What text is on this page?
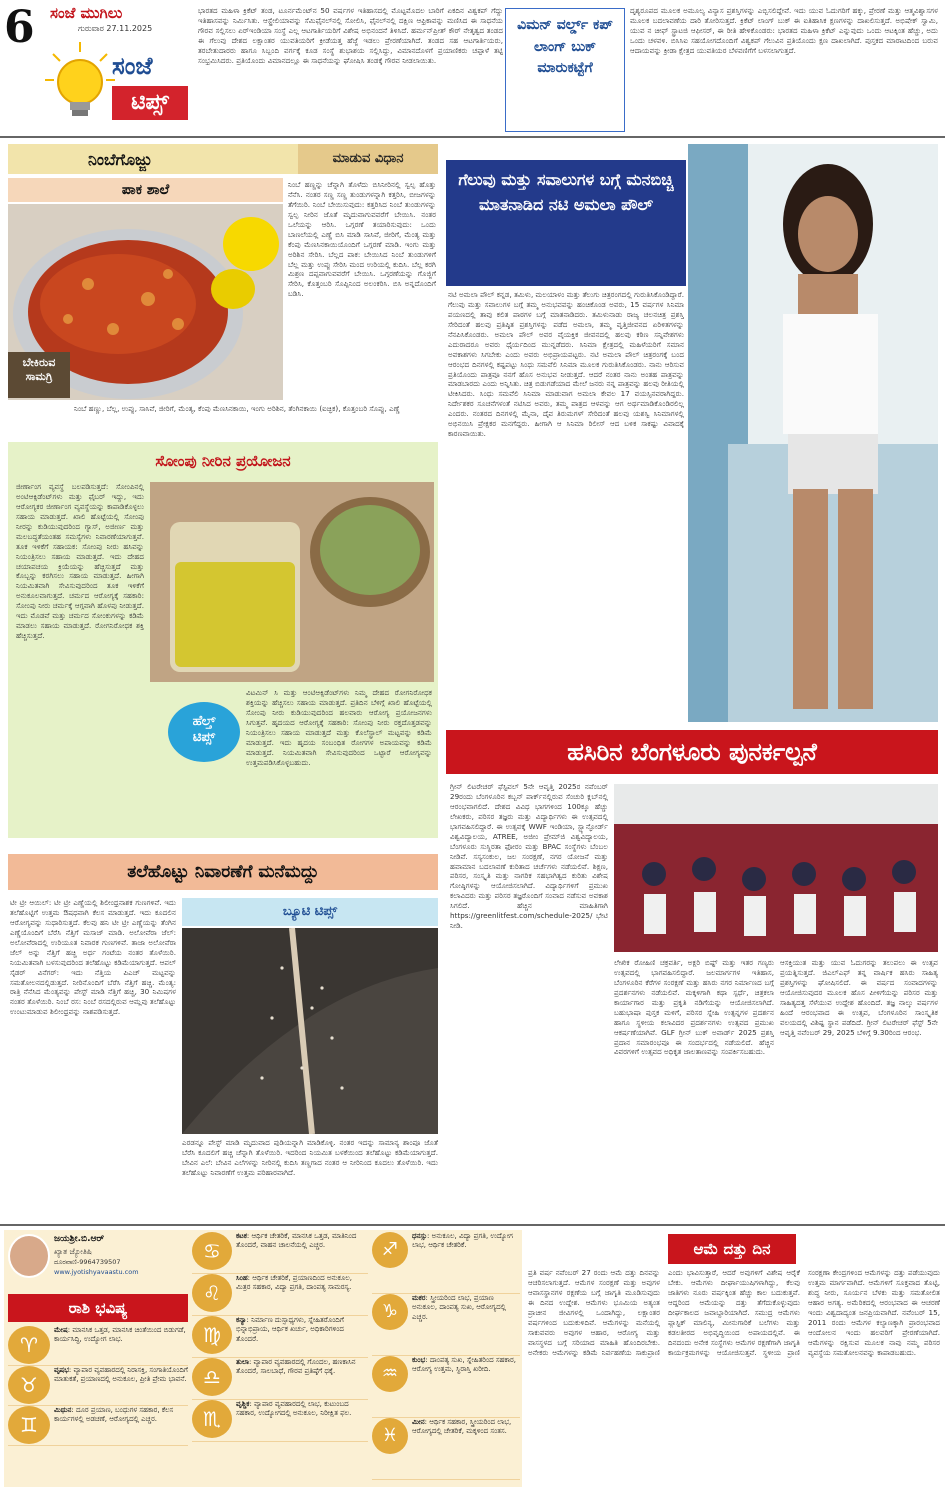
6 ಸಂಜೆ ಮುಗಿಲು
ಗುರುವಾರ 27.11.2025
ಸಂಜೆ
ಟಿಪ್ಸ್
ಭಾರತದ ಮಹಿಳಾ ಕ್ರಿಕೆಟ್ ತಂಡ, ಟೂರ್ನಮೆಂಟ್‌ನ 50 ವರ್ಷಗಳ ಇತಿಹಾಸದಲ್ಲಿ ಮೊಟ್ಟಮೊದಲ ಬಾರಿಗೆ ಏಕದಿನ ವಿಶ್ವಕಪ್ ಗೆದ್ದು ಇತಿಹಾಸವನ್ನು ನಿರ್ಮಿಸಿತು. ಆಸ್ಟ್ರೇಲಿಯಾವನ್ನು ಸೆಮಿಫೈನಲ್‌ನಲ್ಲಿ ಸೋಲಿಸಿ, ಫೈನಲ್‌ನಲ್ಲಿ ದಕ್ಷಿಣ ಆಫ್ರಿಕಾವನ್ನು ಮಣಿಸಿದ ಈ ಸಾಧನೆಯ ಗೌರವ ಸಲ್ಲಿಸಲು ಏರ್‌ಇಂಡಿಯಾ ಸಂಸ್ಥೆ ಎಲ್ಲ ಆಟಗಾರ್ತಿಯರಿಗೆ ವಿಶೇಷ ಅಭಿನಂದನೆ ತಿಳಿಸಿದೆ. ಹರ್ಮನ್‌ಪ್ರೀತ್ ಕೌರ್ ನೇತೃತ್ವದ ತಂಡದ ಈ ಗೆಲುವು ದೇಶದ ಲಕ್ಷಾಂತರ ಯುವತಿಯರಿಗೆ ಕ್ರೀಡೆಯತ್ತ ಹೆಜ್ಜೆ ಇಡಲು ಪ್ರೇರಣೆಯಾಗಿದೆ. ತಂಡದ ಸಹ ಆಟಗಾರ್ತಿಯರು, ತರಬೇತುದಾರರು ಹಾಗೂ ಸಿಬ್ಬಂದಿ ವರ್ಗಕ್ಕೆ ಕೂಡ ಸಂಸ್ಥೆ ಶುಭಾಶಯ ಸಲ್ಲಿಸಿದ್ದು, ವಿಮಾನದೊಳಗೆ ಪ್ರಯಾಣಿಕರು ಚಪ್ಪಾಳೆ ತಟ್ಟಿ ಸಂಭ್ರಮಿಸಿದರು. ಪ್ರತಿಯೊಂದು ವಿಮಾನದಲ್ಲೂ ಈ ಸಾಧನೆಯನ್ನು ಘೋಷಿಸಿ ತಂಡಕ್ಕೆ ಗೌರವ ನೀಡಲಾಯಿತು.
ವಿಮನ್ ವರ್ಲ್ಡ್ ಕಪ್ ಲಾಂಗ್ ಬುಕ್ ಮಾರುಕಟ್ಟೆಗೆ
ದೃಶ್ಯರೂಪದ ಮೂಲಕ ಅಮೂಲ್ಯ ವಿನ್ಯಾಸ ಪ್ರಶಸ್ತಿಗಳನ್ನು ಎಬ್ಬಿಸಲಿದ್ದೇವೆ. ಇದು ಯುವ ಓದುಗರಿಗೆ ಹಕ್ಕು, ಪ್ರೇರಣೆ ಮತ್ತು ಆತ್ಮವಿಶ್ವಾಸಗಳ ಮೂಲಕ ಬದಲಾವಣೆಯ ದಾರಿ ತೋರಿಸುತ್ತದೆ. ಕ್ರಿಕೆಟ್ ಲಾಂಗ್ ಬುಕ್ ಈ ಐತಿಹಾಸಿಕ ಕ್ಷಣಗಳನ್ನು ದಾಖಲಿಸುತ್ತದೆ. ಅಭಿಷೇಕ್ ಸ್ವಾಮಿ, ಯುವ ನ ಚೀಫ್ ಸ್ಟ್ರಾಟಜಿ ಆಫೀಸರ್, ಈ ರೀತಿ ಹೇಳಿಕೊಂಡರು: ಭಾರತದ ಮಹಿಳಾ ಕ್ರಿಕೆಟ್ ಎನ್ನುವುದು ಒಂದು ಆಟಕ್ಕಿಂತ ಹೆಚ್ಚು, ಅದು ಒಂದು ಚಳವಳಿ. ಬಿಸಿಸಿಐ ಸಹಯೋಗದೊಂದಿಗೆ ವಿಶ್ವಕಪ್ ಗೆಲುವಿನ ಪ್ರತಿಯೊಂದು ಕ್ಷಣ ದಾಖಲಾಗಿದೆ. ಪುಸ್ತಕದ ಮಾರಾಟದಿಂದ ಬರುವ ಆದಾಯವನ್ನು ಕ್ರೀಡಾ ಕ್ಷೇತ್ರದ ಯುವತಿಯರ ಬೆಳವಣಿಗೆಗೆ ಬಳಸಲಾಗುತ್ತದೆ.
ನಿಂಬೆಗೊಜ್ಜು	ಮಾಡುವ ವಿಧಾನ
ಪಾಕ ಶಾಲೆ
ಬೇಕಿರುವ
ಸಾಮಗ್ರಿ
ನಿಂಬೆ ಹಣ್ಣನ್ನು ಚೆನ್ನಾಗಿ ತೊಳೆದು ಬಿಸಿನೀರಿನಲ್ಲಿ ಸ್ವಲ್ಪ ಹೊತ್ತು ನೆನೆಸಿ. ನಂತರ ಸಣ್ಣ ಸಣ್ಣ ತುಂಡುಗಳನ್ನಾಗಿ ಕತ್ತರಿಸಿ, ಬೀಜಗಳನ್ನು ತೆಗೆಯಿರಿ. ನಿಂಬೆ ಬೇಯಿಸುವುದು: ಕತ್ತರಿಸಿದ ನಿಂಬೆ ತುಂಡುಗಳನ್ನು ಸ್ವಲ್ಪ ನೀರಿನ ಜೊತೆ ಮೃದುವಾಗುವವರೆಗೆ ಬೇಯಿಸಿ. ನಂತರ ಒಲೆಯನ್ನು ಆರಿಸಿ. ಒಗ್ಗರಣೆ ತಯಾರಿಸುವುದು: ಒಂದು ಬಾಣಲೆಯಲ್ಲಿ ಎಣ್ಣೆ ಬಿಸಿ ಮಾಡಿ ಸಾಸಿವೆ, ಜೀರಿಗೆ, ಮೆಂತ್ಯ ಮತ್ತು ಕೆಂಪು ಮೆಣಸಿನಕಾಯಿಯೊಂದಿಗೆ ಒಗ್ಗರಣೆ ಮಾಡಿ. ಇಂಗು ಮತ್ತು ಅರಿಶಿನ ಸೇರಿಸಿ. ಬೆಲ್ಲದ ಪಾಕ: ಬೇಯಿಸಿದ ನಿಂಬೆ ತುಂಡುಗಳಿಗೆ ಬೆಲ್ಲ ಮತ್ತು ಉಪ್ಪು ಸೇರಿಸಿ ಮಂದ ಉರಿಯಲ್ಲಿ ಕುದಿಸಿ. ಬೆಲ್ಲ ಕರಗಿ ಮಿಶ್ರಣ ದಪ್ಪವಾಗುವವರೆಗೆ ಬೇಯಿಸಿ. ಒಗ್ಗರಣೆಯನ್ನು ಗೊಜ್ಜಿಗೆ ಸೇರಿಸಿ, ಕೊತ್ತಂಬರಿ ಸೊಪ್ಪಿನಿಂದ ಅಲಂಕರಿಸಿ. ಬಿಸಿ ಅನ್ನದೊಂದಿಗೆ ಬಡಿಸಿ.
ನಿಂಬೆ ಹಣ್ಣು, ಬೆಲ್ಲ, ಉಪ್ಪು, ಸಾಸಿವೆ, ಜೀರಿಗೆ, ಮೆಂತ್ಯ, ಕೆಂಪು ಮೆಣಸಿನಕಾಯಿ, ಇಂಗು ಅರಿಶಿನ, ತೆಂಗಿನಕಾಯಿ (ಐಚ್ಛಿಕ), ಕೊತ್ತಂಬರಿ ಸೊಪ್ಪು, ಎಣ್ಣೆ
ಸೋಂಪು ನೀರಿನ ಪ್ರಯೋಜನ
ಜೀರ್ಣಾಂಗ ವ್ಯವಸ್ಥೆ ಬಲಪಡಿಸುತ್ತದೆ: ಸೋಂಪಿನಲ್ಲಿ ಅಂಟಿಆಕ್ಸಿಡೆಂಟ್‌ಗಳು ಮತ್ತು ಫೈಬರ್ ಇದ್ದು, ಇದು ಆರೋಗ್ಯಕರ ಜೀರ್ಣಾಂಗ ವ್ಯವಸ್ಥೆಯನ್ನು ಕಾಪಾಡಿಕೊಳ್ಳಲು ಸಹಾಯ ಮಾಡುತ್ತದೆ. ಖಾಲಿ ಹೊಟ್ಟೆಯಲ್ಲಿ ಸೋಂಪು ನೀರನ್ನು ಕುಡಿಯುವುದರಿಂದ ಗ್ಯಾಸ್, ಅಜೀರ್ಣ ಮತ್ತು ಮಲಬದ್ಧತೆಯಂತಹ ಸಮಸ್ಯೆಗಳು ನಿವಾರಣೆಯಾಗುತ್ತವೆ. ತೂಕ ಇಳಿಕೆಗೆ ಸಹಾಯಕ: ಸೋಂಪು ನೀರು ಹಸಿವನ್ನು ನಿಯಂತ್ರಿಸಲು ಸಹಾಯ ಮಾಡುತ್ತದೆ. ಇದು ದೇಹದ ಚಯಾಪಚಯ ಕ್ರಿಯೆಯನ್ನು ಹೆಚ್ಚಿಸುತ್ತದೆ ಮತ್ತು ಕೊಬ್ಬನ್ನು ಕರಗಿಸಲು ಸಹಾಯ ಮಾಡುತ್ತದೆ. ಹೀಗಾಗಿ ನಿಯಮಿತವಾಗಿ ಸೇವಿಸುವುದರಿಂದ ತೂಕ ಇಳಿಕೆಗೆ ಅನುಕೂಲವಾಗುತ್ತದೆ. ಚರ್ಮದ ಆರೋಗ್ಯಕ್ಕೆ ಸಹಕಾರಿ: ಸೋಂಪು ನೀರು ಚರ್ಮಕ್ಕೆ ಆಗ್ಗವಾಗಿ ಹೊಳಪು ನೀಡುತ್ತದೆ. ಇದು ಮೊಡವೆ ಮತ್ತು ಚರ್ಮದ ಸೋಂಕುಗಳನ್ನು ಕಡಿಮೆ ಮಾಡಲು ಸಹಾಯ ಮಾಡುತ್ತದೆ. ರೋಗನಿರೋಧಕ ಶಕ್ತಿ ಹೆಚ್ಚಿಸುತ್ತದೆ.
ಹೆಲ್ತ್
ಟಿಪ್ಸ್
ವಿಟಮಿನ್ ಸಿ ಮತ್ತು ಆಂಟಿಆಕ್ಸಿಡೆಂಟ್‌ಗಳು ನಿಮ್ಮ ದೇಹದ ರೋಗನಿರೋಧಕ ಶಕ್ತಿಯನ್ನು ಹೆಚ್ಚಿಸಲು ಸಹಾಯ ಮಾಡುತ್ತದೆ. ಪ್ರತಿದಿನ ಬೆಳಿಗ್ಗೆ ಖಾಲಿ ಹೊಟ್ಟೆಯಲ್ಲಿ ಸೋಂಪು ನೀರು ಕುಡಿಯುವುದರಿಂದ ಹಲವಾರು ಆರೋಗ್ಯ ಪ್ರಯೋಜನಗಳು ಸಿಗುತ್ತವೆ. ಹೃದಯದ ಆರೋಗ್ಯಕ್ಕೆ ಸಹಕಾರಿ: ಸೋಂಪು ನೀರು ರಕ್ತದೊತ್ತಡವನ್ನು ನಿಯಂತ್ರಿಸಲು ಸಹಾಯ ಮಾಡುತ್ತದೆ ಮತ್ತು ಕೊಲೆಸ್ಟ್ರಾಲ್ ಮಟ್ಟವನ್ನು ಕಡಿಮೆ ಮಾಡುತ್ತದೆ. ಇದು ಹೃದಯ ಸಂಬಂಧಿತ ರೋಗಗಳ ಅಪಾಯವನ್ನು ಕಡಿಮೆ ಮಾಡುತ್ತದೆ. ನಿಯಮಿತವಾಗಿ ಸೇವಿಸುವುದರಿಂದ ಒಟ್ಟಾರೆ ಆರೋಗ್ಯವನ್ನು ಉತ್ತಮಪಡಿಸಿಕೊಳ್ಳಬಹುದು.
ತಲೆಹೊಟ್ಟು ನಿವಾರಣೆಗೆ ಮನೆಮದ್ದು
ಟೀ ಟ್ರೀ ಆಯಿಲ್: ಟೀ ಟ್ರೀ ಎಣ್ಣೆಯಲ್ಲಿ ಶಿಲೀಂಧ್ರನಾಶಕ ಗುಣಗಳಿವೆ. ಇದು ತಲೆಹೊಟ್ಟಿಗೆ ಉತ್ತಮ ಔಷಧವಾಗಿ ಕೆಲಸ ಮಾಡುತ್ತದೆ. ಇದು ಕೂದಲಿನ ಆರೋಗ್ಯವನ್ನು ಸುಧಾರಿಸುತ್ತದೆ. ಕೆಲವು ಹನಿ ಟೀ ಟ್ರೀ ಎಣ್ಣೆಯನ್ನು ತೆಂಗಿನ ಎಣ್ಣೆಯೊಂದಿಗೆ ಬೆರೆಸಿ ನೆತ್ತಿಗೆ ಮಸಾಜ್ ಮಾಡಿ. ಅಲೋವೆರಾ ಜೆಲ್: ಅಲೋವೆರಾದಲ್ಲಿ ಉರಿಯೂತ ನಿವಾರಕ ಗುಣಗಳಿವೆ. ತಾಜಾ ಅಲೋವೆರಾ ಜೆಲ್ ಅನ್ನು ನೆತ್ತಿಗೆ ಹಚ್ಚಿ ಅರ್ಧ ಗಂಟೆಯ ನಂತರ ತೊಳೆಯಿರಿ. ನಿಯಮಿತವಾಗಿ ಬಳಸುವುದರಿಂದ ತಲೆಹೊಟ್ಟು ಕಡಿಮೆಯಾಗುತ್ತದೆ. ಆಪಲ್ ಸೈಡರ್ ವಿನೆಗರ್: ಇದು ನೆತ್ತಿಯ ಪಿಎಚ್ ಮಟ್ಟವನ್ನು ಸಮತೋಲನದಲ್ಲಿಡುತ್ತದೆ. ನೀರಿನೊಂದಿಗೆ ಬೆರೆಸಿ ನೆತ್ತಿಗೆ ಹಚ್ಚಿ. ಮೆಂತ್ಯ: ರಾತ್ರಿ ನೆನೆಸಿದ ಮೆಂತ್ಯವನ್ನು ಪೇಸ್ಟ್ ಮಾಡಿ ನೆತ್ತಿಗೆ ಹಚ್ಚಿ, 30 ನಿಮಿಷಗಳ ನಂತರ ತೊಳೆಯಿರಿ. ನಿಂಬೆ ರಸ: ನಿಂಬೆ ರಸದಲ್ಲಿರುವ ಆಮ್ಲವು ತಲೆಹೊಟ್ಟು ಉಂಟುಮಾಡುವ ಶಿಲೀಂಧ್ರವನ್ನು ನಾಶಪಡಿಸುತ್ತದೆ.
ಬ್ಯೂಟಿ ಟಿಪ್ಸ್
ಎರಡನ್ನೂ ಪೇಸ್ಟ್ ಮಾಡಿ ಮೃದುವಾದ ಪುಡಿಯನ್ನಾಗಿ ಮಾಡಿಕೊಳ್ಳಿ. ನಂತರ ಇದನ್ನು ಸಾಮಾನ್ಯ ಶಾಂಪೂ ಜೊತೆ ಬೆರೆಸಿ ಕೂದಲಿಗೆ ಹಚ್ಚಿ ಚೆನ್ನಾಗಿ ತೊಳೆಯಿರಿ. ಇದರಿಂದ ನಿಯಮಿತ ಬಳಕೆಯಿಂದ ತಲೆಹೊಟ್ಟು ಕಡಿಮೆಯಾಗುತ್ತದೆ. ಬೇವಿನ ಎಲೆ: ಬೇವಿನ ಎಲೆಗಳನ್ನು ನೀರಿನಲ್ಲಿ ಕುದಿಸಿ ತಣ್ಣಗಾದ ನಂತರ ಆ ನೀರಿನಿಂದ ಕೂದಲು ತೊಳೆಯಿರಿ. ಇದು ತಲೆಹೊಟ್ಟು ನಿವಾರಣೆಗೆ ಉತ್ತಮ ಪರಿಹಾರವಾಗಿದೆ.
ಗೆಲುವು ಮತ್ತು ಸವಾಲುಗಳ ಬಗ್ಗೆ ಮನಬಿಚ್ಚಿ ಮಾತನಾಡಿದ ನಟಿ ಅಮಲಾ ಪೌಲ್
ನಟಿ ಅಮಲಾ ಪೌಲ್ ಕನ್ನಡ, ತಮಿಳು, ಮಲಯಾಳಂ ಮತ್ತು ತೆಲುಗು ಚಿತ್ರರಂಗದಲ್ಲಿ ಗುರುತಿಸಿಕೊಂಡಿದ್ದಾರೆ. ಗೆಲುವು ಮತ್ತು ಸವಾಲುಗಳ ಬಗ್ಗೆ ತಮ್ಮ ಅನುಭವವನ್ನು ಹಂಚಿಕೊಂಡ ಅವರು, 15 ವರ್ಷಗಳ ಸಿನಿಮಾ ಪಯಣದಲ್ಲಿ ತಾವು ಕಲಿತ ಪಾಠಗಳ ಬಗ್ಗೆ ಮಾತನಾಡಿದರು. ತಮಿಳುನಾಡು ರಾಜ್ಯ ಚಲನಚಿತ್ರ ಪ್ರಶಸ್ತಿ ಸೇರಿದಂತೆ ಹಲವು ಪ್ರತಿಷ್ಠಿತ ಪ್ರಶಸ್ತಿಗಳನ್ನು ಪಡೆದ ಅಮಲಾ, ತಮ್ಮ ವೃತ್ತಿಜೀವನದ ಏರಿಳಿತಗಳನ್ನು ನೆನಪಿಸಿಕೊಂಡರು. ಅಮಲಾ ಪೌಲ್ ಅವರ ವೈಯಕ್ತಿಕ ಜೀವನದಲ್ಲಿ ಹಲವು ಕಠಿಣ ಸನ್ನಿವೇಶಗಳು ಎದುರಾದರೂ ಅವರು ಧೈರ್ಯದಿಂದ ಮುನ್ನಡೆದರು. ಸಿನಿಮಾ ಕ್ಷೇತ್ರದಲ್ಲಿ ಮಹಿಳೆಯರಿಗೆ ಸಮಾನ ಅವಕಾಶಗಳು ಸಿಗಬೇಕು ಎಂದು ಅವರು ಅಭಿಪ್ರಾಯಪಟ್ಟರು. ನಟಿ ಅಮಲಾ ಪೌಲ್ ಚಿತ್ರರಂಗಕ್ಕೆ ಬಂದ ಆರಂಭದ ದಿನಗಳಲ್ಲಿ ಕಷ್ಟಪಟ್ಟು ಸಿಂಧು ಸಮವೆಲಿ ಸಿನಿಮಾ ಮೂಲಕ ಗುರುತಿಸಿಕೊಂಡರು. ನಾನು ಆರಿಸುವ ಪ್ರತಿಯೊಂದು ಪಾತ್ರವೂ ನನಗೆ ಹೊಸ ಅನುಭವ ನೀಡುತ್ತದೆ. ಆದರೆ ನಂತರ ನಾನು ಅಂತಹ ಪಾತ್ರವನ್ನು ಮಾಡಬಾರದು ಎಂದು ಅನ್ನಿಸಿತು. ಚಿತ್ರ ಬಿಡುಗಡೆಯಾದ ಮೇಲೆ ಜನರು ನನ್ನ ಪಾತ್ರವನ್ನು ಹಲವು ರೀತಿಯಲ್ಲಿ ಟೀಕಿಸಿದರು. ಸಿಂಧು ಸಮವೆಲಿ ಸಿನಿಮಾ ಮಾಡುವಾಗ ಅಮಲಾ ಕೇವಲ 17 ವಯಸ್ಸಿನವರಾಗಿದ್ದರು. ನಿರ್ದೇಶಕರ ಸೂಚನೆಗಳಂತೆ ನಟಿಸಿದ ಅವರು, ತಮ್ಮ ಪಾತ್ರದ ಆಳವನ್ನು ಆಗ ಅರ್ಥಮಾಡಿಕೊಂಡಿರಲಿಲ್ಲ ಎಂದರು. ನಂತರದ ದಿನಗಳಲ್ಲಿ ಮೈನಾ, ದೈವ ತಿರುಮಗಳ್ ಸೇರಿದಂತೆ ಹಲವು ಯಶಸ್ವಿ ಸಿನಿಮಾಗಳಲ್ಲಿ ಅಭಿನಯಿಸಿ ಪ್ರೇಕ್ಷಕರ ಮನಗೆದ್ದರು. ಹೀಗಾಗಿ ಆ ಸಿನಿಮಾ ರಿಲೀಸ್ ಆದ ಬಳಿಕ ಸಾಕಷ್ಟು ವಿವಾದಕ್ಕೆ ಕಾರಣವಾಯಿತು.
ಹಸಿರಿನ ಬೆಂಗಳೂರು ಪುನರ್ಕಲ್ಪನೆ
ಗ್ರೀನ್ ಲಿಟರೇಚರ್ ಫೆಸ್ಟಿವಲ್ 5ನೇ ಆವೃತ್ತಿ 2025ರ ನವೆಂಬರ್ 29ರಂದು ಬೆಂಗಳೂರಿನ ಕಬ್ಬನ್ ಪಾರ್ಕ್‌ನಲ್ಲಿರುವ ಸೆಂಚುರಿ ಕ್ಲಬ್‌ನಲ್ಲಿ ಆರಂಭವಾಗಲಿದೆ. ದೇಶದ ವಿವಿಧ ಭಾಗಗಳಿಂದ 100ಕ್ಕೂ ಹೆಚ್ಚು ಲೇಖಕರು, ಪರಿಸರ ತಜ್ಞರು ಮತ್ತು ವಿದ್ಯಾರ್ಥಿಗಳು ಈ ಉತ್ಸವದಲ್ಲಿ ಭಾಗವಹಿಸಲಿದ್ದಾರೆ. ಈ ಉತ್ಸವಕ್ಕೆ WWF ಇಂಡಿಯಾ, ಸ್ಟ್ಯಾನ್ಫೋರ್ಡ್ ವಿಶ್ವವಿದ್ಯಾಲಯ, ATREE, ಅಜೀಂ ಪ್ರೇಮ್‌ಜಿ ವಿಶ್ವವಿದ್ಯಾಲಯ, ಬೆಂಗಳೂರು ಸುಸ್ಥಿರತಾ ಫೋರಂ ಮತ್ತು BPAC ಸಂಸ್ಥೆಗಳು ಬೆಂಬಲ ನೀಡಿವೆ. ಸಸ್ಯಸಂಕುಲ, ಜಲ ಸಂರಕ್ಷಣೆ, ನಗರ ಯೋಜನೆ ಮತ್ತು ಹವಾಮಾನ ಬದಲಾವಣೆ ಕುರಿತಾದ ಚರ್ಚೆಗಳು ನಡೆಯಲಿವೆ. ಶಿಕ್ಷಣ, ಪರಿಸರ, ಸಂಸ್ಕೃತಿ ಮತ್ತು ನಾಗರಿಕ ಸಹಭಾಗಿತ್ವದ ಕುರಿತು ವಿಶೇಷ ಗೋಷ್ಠಿಗಳನ್ನು ಆಯೋಜಿಸಲಾಗಿದೆ. ವಿದ್ಯಾರ್ಥಿಗಳಿಗೆ ಪ್ರಮುಖ ಕಲಾವಿದರು ಮತ್ತು ಪರಿಸರ ತಜ್ಞರೊಂದಿಗೆ ಸಂವಾದ ನಡೆಸುವ ಅವಕಾಶ ಸಿಗಲಿದೆ. ಹೆಚ್ಚಿನ ಮಾಹಿತಿಗಾಗಿ https://greenlitfest.com/schedule-2025/ ಭೇಟಿ ನೀಡಿ.
ಲೇಖಿಕ ರೋಹಿಣಿ ಚಕ್ರವರ್ತಿ, ಅಕ್ಷರಿ ಬಿಷ್ಟ್ ಮತ್ತು ಇತರ ಗಣ್ಯರು ಉತ್ಸವದಲ್ಲಿ ಭಾಗವಹಿಸಲಿದ್ದಾರೆ. ಜಲಮಾರ್ಗಗಳ ಇತಿಹಾಸ, ಬೆಂಗಳೂರಿನ ಕೆರೆಗಳ ಸಂರಕ್ಷಣೆ ಮತ್ತು ಹಸಿರು ನಗರ ನಿರ್ಮಾಣದ ಬಗ್ಗೆ ಪ್ರದರ್ಶನಗಳು ನಡೆಯಲಿವೆ. ಮಕ್ಕಳಿಗಾಗಿ ಕಥಾ ಸ್ಪರ್ಧೆ, ಚಿತ್ರಕಲಾ ಕಾರ್ಯಾಗಾರ ಮತ್ತು ಪ್ರಕೃತಿ ನಡಿಗೆಯನ್ನು ಆಯೋಜಿಸಲಾಗಿದೆ. ಬಹುಭಾಷಾ ಪುಸ್ತಕ ಮಳಿಗೆ, ಪರಿಸರ ಸ್ನೇಹಿ ಉತ್ಪನ್ನಗಳ ಪ್ರದರ್ಶನ ಹಾಗೂ ಸ್ಥಳೀಯ ಕಲಾವಿದರ ಪ್ರದರ್ಶನಗಳು ಉತ್ಸವದ ಪ್ರಮುಖ ಆಕರ್ಷಣೆಯಾಗಿವೆ. GLF ಗ್ರೀನ್ ಬುಕ್ ಅವಾರ್ಡ್ 2025 ಪ್ರಶಸ್ತಿ ಪ್ರದಾನ ಸಮಾರಂಭವೂ ಈ ಸಂದರ್ಭದಲ್ಲಿ ನಡೆಯಲಿದೆ. ಹೆಚ್ಚಿನ ವಿವರಗಳಿಗೆ ಉತ್ಸವದ ಅಧಿಕೃತ ಜಾಲತಾಣವನ್ನು ಸಂಪರ್ಕಿಸಬಹುದು.
ಆಸಕ್ತಿಯುತ ಮತ್ತು ಯುವ ಓದುಗರನ್ನು ತಲುಪಲು ಈ ಉತ್ಸವ ಪ್ರಯತ್ನಿಸುತ್ತದೆ. ಜಿಎಲ್‌ಎಫ್ ತನ್ನ ವಾರ್ಷಿಕ ಹಸಿರು ಸಾಹಿತ್ಯ ಪ್ರಶಸ್ತಿಗಳನ್ನು ಘೋಷಿಸಲಿದೆ. ಈ ವರ್ಷದ ಸಂವಾದಗಳನ್ನು ಆಯೋಜಿಸುವುದರ ಮೂಲಕ ಹೊಸ ಪೀಳಿಗೆಯನ್ನು ಪರಿಸರ ಮತ್ತು ಸಾಹಿತ್ಯದತ್ತ ಸೆಳೆಯುವ ಉದ್ದೇಶ ಹೊಂದಿದೆ. ತಜ್ಞ ನಾಲ್ಕು ವರ್ಷಗಳ ಹಿಂದೆ ಆರಂಭವಾದ ಈ ಉತ್ಸವ, ಬೆಂಗಳೂರಿನ ಸಾಂಸ್ಕೃತಿಕ ವಲಯದಲ್ಲಿ ವಿಶಿಷ್ಟ ಸ್ಥಾನ ಪಡೆದಿದೆ. ಗ್ರೀನ್ ಲಿಟರೇಚರ್ ಫೆಸ್ಟ್ 5ನೇ ಆವೃತ್ತಿ ನವೆಂಬರ್ 29, 2025 ಬೆಳಿಗ್ಗೆ 9.30ರಿಂದ ಆರಂಭ.
ಜಯಶ್ರೀ.ಬಿ.ಆರ್
ಖ್ಯಾತ ಜ್ಯೋತಿಷಿ
ದೂರವಾಣಿ-9964739507
www.jyotishyavaastu.com
ರಾಶಿ ಭವಿಷ್ಯ
♈
ಮೇಷ: ಮಾನಸಿಕ ಒತ್ತಡ, ಮಾನಸಿಕ ಚಿಂತೆಯಿಂದ ಬಿಡುಗಡೆ, ಕಾರ್ಯಸಿದ್ಧಿ, ಉದ್ಯೋಗ ಲಾಭ.
♉
ವೃಷಭ: ವ್ಯಾಪಾರ ವ್ಯವಹಾರದಲ್ಲಿ ನಿರಾಸಕ್ತಿ, ಸಂಗಾತಿಯೊಂದಿಗೆ ಮಾತುಕತೆ, ಪ್ರಯಾಣದಲ್ಲಿ ಅನುಕೂಲ, ಪ್ರೀತಿ ಪ್ರೇಮ ಭಾವನೆ.
♊
ಮಿಥುನ: ದೂರ ಪ್ರಯಾಣ, ಬಂಧುಗಳ ಸಹಕಾರ, ಕೆಲಸ ಕಾರ್ಯಗಳಲ್ಲಿ ಅಡಚಣೆ, ಆರೋಗ್ಯದಲ್ಲಿ ಎಚ್ಚರ.
♋
ಕಟಕ: ಆರ್ಥಿಕ ಚೇತರಿಕೆ, ಮಾನಸಿಕ ಒತ್ತಡ, ಮಾತಿನಿಂದ ತೊಂದರೆ, ವಾಹನ ಚಾಲನೆಯಲ್ಲಿ ಎಚ್ಚರ.
♌
ಸಿಂಹ: ಆರ್ಥಿಕ ಚೇತರಿಕೆ, ಪ್ರಯಾಣದಿಂದ ಅನುಕೂಲ, ಮಿತ್ರರ ಸಹಕಾರ, ವಿದ್ಯಾ ಪ್ರಗತಿ, ದಾಂಪತ್ಯ ಸಾಮರಸ್ಯ.
♍
ಕನ್ಯಾ: ನಿರ್ಮಾಣ ದುಸ್ಸಾಧ್ಯಗಳು, ಸ್ನೇಹಿತರೊಂದಿಗೆ ಭಿನ್ನಾಭಿಪ್ರಾಯ, ಆರ್ಥಿಕ ಖರ್ಚು, ಅಧಿಕಾರಿಗಳಿಂದ ತೊಂದರೆ.
♎
ತುಲಾ: ವ್ಯಾಪಾರ ವ್ಯವಹಾರದಲ್ಲಿ ಗೊಂದಲ, ಹಣಕಾಸಿನ ತೊಂದರೆ, ಸಾಲಬಾಧೆ, ಗೌರವ ಪ್ರತಿಷ್ಠೆಗೆ ಧಕ್ಕೆ.
♏
ವೃಶ್ಚಿಕ: ವ್ಯಾಪಾರ ವ್ಯವಹಾರದಲ್ಲಿ ಲಾಭ, ಕುಟುಂಬದ ಸಹಕಾರ, ಉದ್ಯೋಗದಲ್ಲಿ ಅನುಕೂಲ, ನಿರೀಕ್ಷಿತ ಫಲ.
♐
ಧನಸ್ಸು: ಅನುಕೂಲ, ವಿದ್ಯಾ ಪ್ರಗತಿ, ಉದ್ಯೋಗ ಲಾಭ, ಆರ್ಥಿಕ ಚೇತರಿಕೆ.
♑
ಮಕರ: ಸ್ತ್ರೀಯರಿಂದ ಲಾಭ, ಪ್ರಯಾಣ ಅನುಕೂಲ, ದಾಂಪತ್ಯ ಸುಖ, ಆರೋಗ್ಯದಲ್ಲಿ ಎಚ್ಚರ.
♒
ಕುಂಭ: ದಾಂಪತ್ಯ ಸುಖ, ಸ್ನೇಹಿತರಿಂದ ಸಹಕಾರ, ಆರೋಗ್ಯ ಉತ್ತಮ, ಸ್ಥಿರಾಸ್ತಿ ಖರೀದಿ.
♓
ಮೀನ: ಆರ್ಥಿಕ ಸಹಕಾರ, ಸ್ತ್ರೀಯರಿಂದ ಲಾಭ, ಆರೋಗ್ಯದಲ್ಲಿ ಚೇತರಿಕೆ, ಮಕ್ಕಳಿಂದ ಸಂತಸ.
ಆಮೆ ದತ್ತು ದಿನ
ಪ್ರತಿ ವರ್ಷ ನವೆಂಬರ್ 27 ರಂದು ಆಮೆ ದತ್ತು ದಿನವನ್ನು ಆಚರಿಸಲಾಗುತ್ತದೆ. ಆಮೆಗಳ ಸಂರಕ್ಷಣೆ ಮತ್ತು ಅವುಗಳ ಆವಾಸಸ್ಥಾನಗಳ ರಕ್ಷಣೆಯ ಬಗ್ಗೆ ಜಾಗೃತಿ ಮೂಡಿಸುವುದು ಈ ದಿನದ ಉದ್ದೇಶ. ಆಮೆಗಳು ಭೂಮಿಯ ಅತ್ಯಂತ ಪ್ರಾಚೀನ ಜೀವಿಗಳಲ್ಲಿ ಒಂದಾಗಿದ್ದು, ಲಕ್ಷಾಂತರ ವರ್ಷಗಳಿಂದ ಬದುಕುಳಿದಿವೆ. ಆಮೆಗಳನ್ನು ಮನೆಯಲ್ಲಿ ಸಾಕುವವರು ಅವುಗಳ ಆಹಾರ, ಆರೋಗ್ಯ ಮತ್ತು ವಾಸಸ್ಥಳದ ಬಗ್ಗೆ ಸರಿಯಾದ ಮಾಹಿತಿ ಹೊಂದಿರಬೇಕು. ಅನೇಕರು ಆಮೆಗಳನ್ನು ಕಡಿಮೆ ನಿರ್ವಹಣೆಯ ಸಾಕುಪ್ರಾಣಿ ಎಂದು ಭಾವಿಸುತ್ತಾರೆ, ಆದರೆ ಅವುಗಳಿಗೆ ವಿಶೇಷ ಆರೈಕೆ ಬೇಕು. ಆಮೆಗಳು ದೀರ್ಘಾಯುಷಿಗಳಾಗಿದ್ದು, ಕೆಲವು ಜಾತಿಗಳು ನೂರು ವರ್ಷಕ್ಕಿಂತ ಹೆಚ್ಚು ಕಾಲ ಬದುಕುತ್ತವೆ. ಆದ್ದರಿಂದ ಆಮೆಯನ್ನು ದತ್ತು ತೆಗೆದುಕೊಳ್ಳುವುದು ದೀರ್ಘಕಾಲದ ಜವಾಬ್ದಾರಿಯಾಗಿದೆ. ಸಮುದ್ರ ಆಮೆಗಳು ಪ್ಲಾಸ್ಟಿಕ್ ಮಾಲಿನ್ಯ, ಮೀನುಗಾರಿಕೆ ಬಲೆಗಳು ಮತ್ತು ಕಡಲತೀರದ ಅಭಿವೃದ್ಧಿಯಿಂದ ಅಪಾಯದಲ್ಲಿವೆ. ಈ ದಿನದಂದು ಅನೇಕ ಸಂಸ್ಥೆಗಳು ಆಮೆಗಳ ರಕ್ಷಣೆಗಾಗಿ ಜಾಗೃತಿ ಕಾರ್ಯಕ್ರಮಗಳನ್ನು ಆಯೋಜಿಸುತ್ತವೆ. ಸ್ಥಳೀಯ ಪ್ರಾಣಿ ಸಂರಕ್ಷಣಾ ಕೇಂದ್ರಗಳಿಂದ ಆಮೆಗಳನ್ನು ದತ್ತು ಪಡೆಯುವುದು ಉತ್ತಮ ಮಾರ್ಗವಾಗಿದೆ. ಆಮೆಗಳಿಗೆ ಸೂಕ್ತವಾದ ತೊಟ್ಟಿ, ಶುದ್ಧ ನೀರು, ಸೂರ್ಯನ ಬೆಳಕು ಮತ್ತು ಸಮತೋಲಿತ ಆಹಾರ ಅಗತ್ಯ. ಅಮೆರಿಕದಲ್ಲಿ ಆರಂಭವಾದ ಈ ಆಚರಣೆ ಇಂದು ವಿಶ್ವದಾದ್ಯಂತ ಜನಪ್ರಿಯವಾಗಿದೆ. ನವೆಂಬರ್ 15, 2011 ರಂದು ಆಮೆಗಳ ಕಲ್ಯಾಣಕ್ಕಾಗಿ ಪ್ರಾರಂಭವಾದ ಆಂದೋಲನ ಇಂದು ಹಲವರಿಗೆ ಪ್ರೇರಣೆಯಾಗಿದೆ. ಆಮೆಗಳನ್ನು ರಕ್ಷಿಸುವ ಮೂಲಕ ನಾವು ನಮ್ಮ ಪರಿಸರ ವ್ಯವಸ್ಥೆಯ ಸಮತೋಲನವನ್ನು ಕಾಪಾಡಬಹುದು.
